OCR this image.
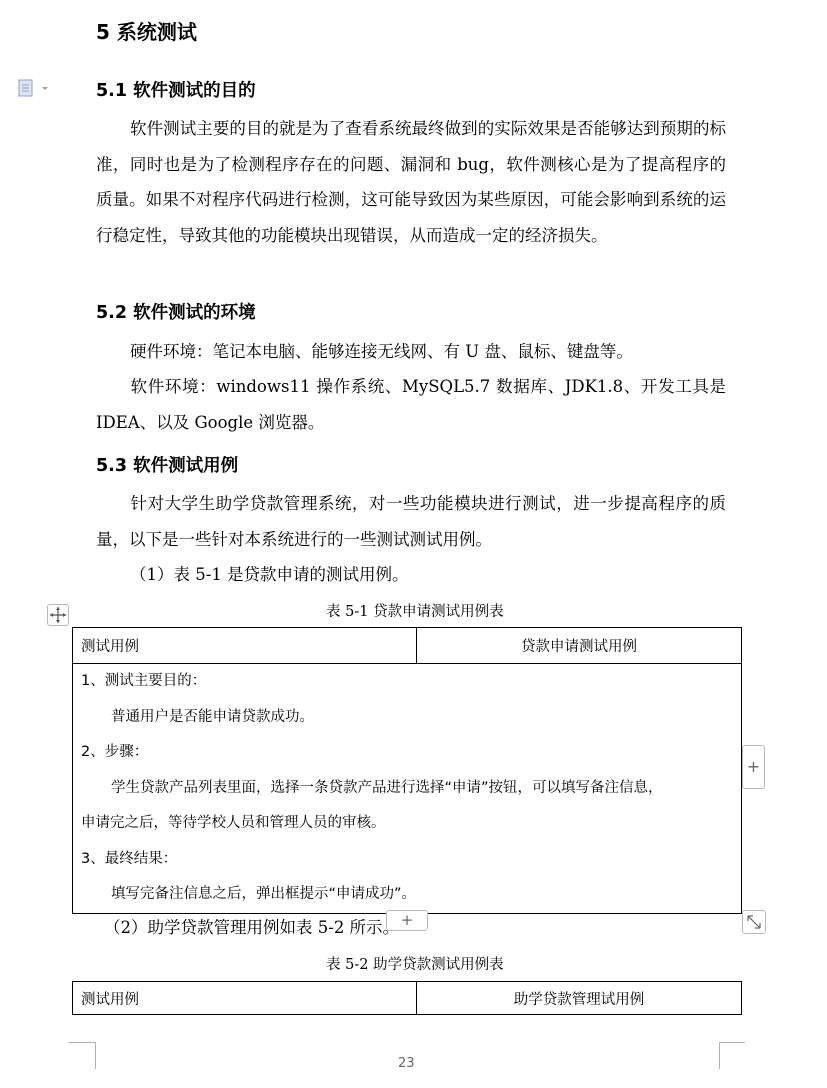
5 系统测试
5.1 软件测试的目的
软件测试主要的目的就是为了查看系统最终做到的实际效果是否能够达到预期的标准，同时也是为了检测程序存在的问题、漏洞和 bug，软件测核心是为了提高程序的质量。如果不对程序代码进行检测，这可能导致因为某些原因，可能会影响到系统的运行稳定性，导致其他的功能模块出现错误，从而造成一定的经济损失。
5.2 软件测试的环境
硬件环境：笔记本电脑、能够连接无线网、有 U 盘、鼠标、键盘等。
软件环境：windows11 操作系统、MySQL5.7 数据库、JDK1.8、开发工具是 IDEA、以及 Google 浏览器。
5.3 软件测试用例
针对大学生助学贷款管理系统，对一些功能模块进行测试，进一步提高程序的质量，以下是一些针对本系统进行的一些测试测试用例。
（1）表 5-1 是贷款申请的测试用例。
表 5-1 贷款申请测试用例表
测试用例	贷款申请测试用例

1、测试主要目的：
普通用户是否能申请贷款成功。
2、步骤：
学生贷款产品列表里面，选择一条贷款产品进行选择“申请”按钮，可以填写备注信息，
申请完之后，等待学校人员和管理人员的审核。
3、最终结果：
填写完备注信息之后，弹出框提示“申请成功”。
+
+
（2）助学贷款管理用例如表 5-2 所示。
表 5-2 助学贷款测试用例表
测试用例	助学贷款管理试用例
23
